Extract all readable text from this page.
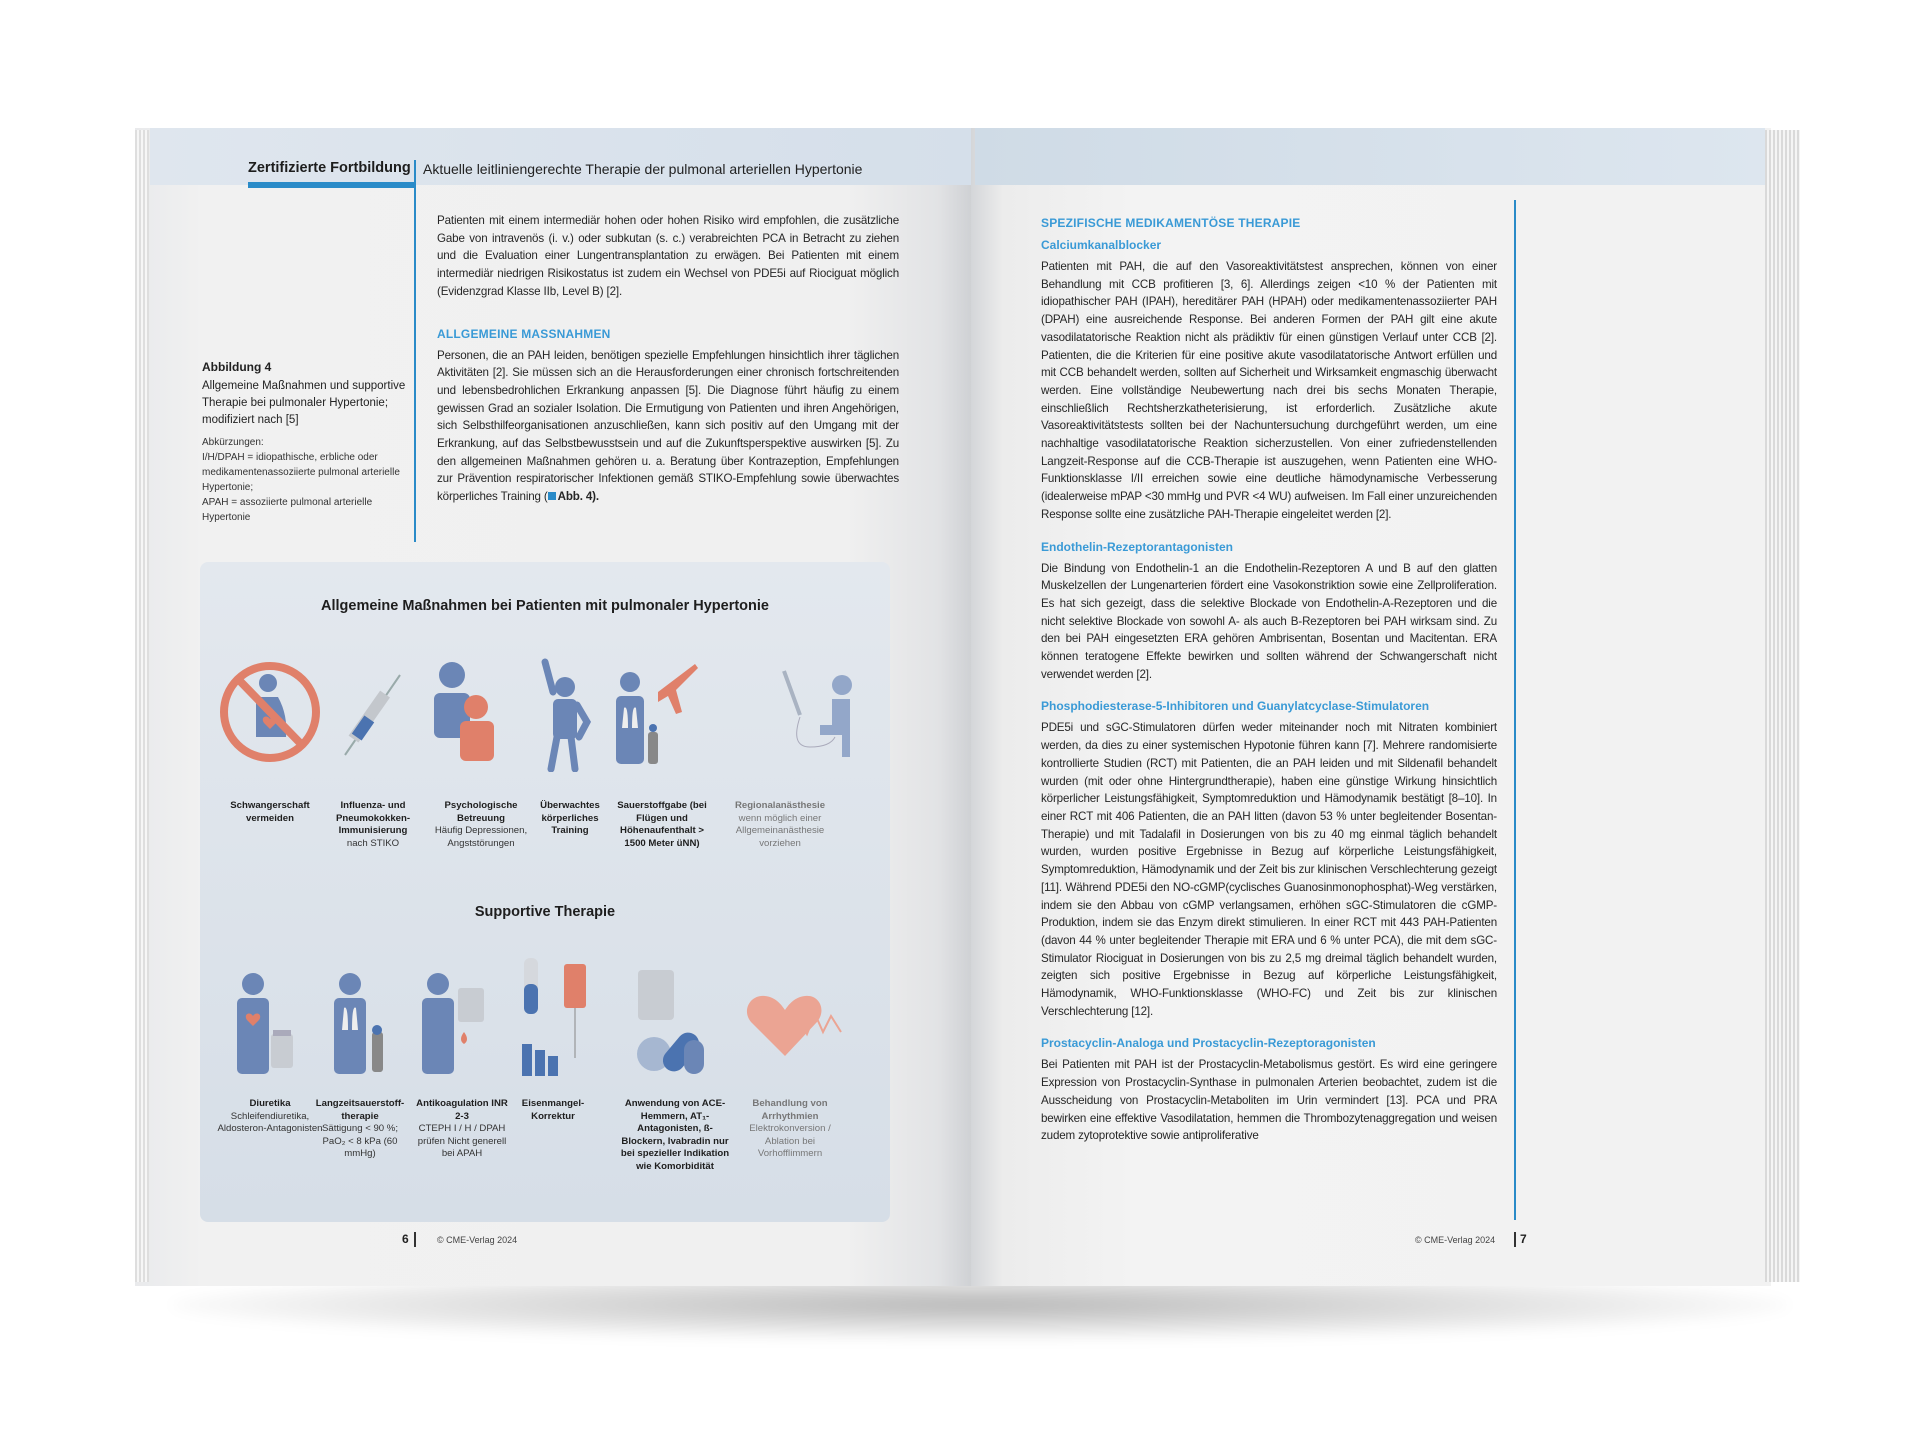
Zertifizierte Fortbildung Aktuelle leitliniengerechte Therapie der pulmonal arteriellen Hypertonie

Patienten mit einem intermediär hohen oder hohen Risiko wird empfohlen, die zusätzliche Gabe von intravenös (i. v.) oder subkutan (s. c.) verabreichten PCA in Betracht zu ziehen und die Evaluation einer Lungentransplantation zu erwägen. Bei Patienten mit einem intermediär niedrigen Risikostatus ist zudem ein Wechsel von PDE5i auf Riociguat möglich (Evidenzgrad Klasse IIb, Level B) [2].

ALLGEMEINE MASSNAHMEN

Personen, die an PAH leiden, benötigen spezielle Empfehlungen hinsichtlich ihrer täglichen Aktivitäten [2]. Sie müssen sich an die Herausforderungen einer chronisch fortschreitenden und lebensbedrohlichen Erkrankung anpassen [5]. Die Diagnose führt häufig zu einem gewissen Grad an sozialer Isolation. Die Ermutigung von Patienten und ihren Angehörigen, sich Selbsthilfeorganisationen anzuschließen, kann sich positiv auf den Umgang mit der Erkrankung, auf das Selbstbewusstsein und auf die Zukunftsperspektive auswirken [5]. Zu den allgemeinen Maßnahmen gehören u. a. Beratung über Kontrazeption, Empfehlungen zur Prävention respiratorischer Infektionen gemäß STIKO-Empfehlung sowie überwachtes körperliches Training ( Abb. 4).

Abbildung 4
Allgemeine Maßnahmen und supportive Therapie bei pulmonaler Hypertonie; modifiziert nach [5]
Abkürzungen:
I/H/DPAH = idiopathische, erbliche oder medikamentenassoziierte pulmonal arterielle Hypertonie;
APAH = assoziierte pulmonal arterielle Hypertonie
Allgemeine Maßnahmen bei Patienten mit pulmonaler Hypertonie
Schwangerschaft vermeiden
Influenza- und Pneumokokken-Immunisierung
nach STIKO
Psychologische Betreuung
Häufig Depressionen, Angststörungen
Überwachtes körperliches Training
Sauerstoffgabe (bei Flügen und Höhenaufenthalt > 1500 Meter üNN)
Regionalanästhesie
wenn möglich einer Allgemeinanästhesie vorziehen
Supportive Therapie
Diuretika
Schleifendiuretika, Aldosteron-Antagonisten
Langzeitsauerstoff-therapie
Sättigung < 90 %; PaO₂ < 8 kPa (60 mmHg)
Antikoagulation INR 2-3
CTEPH I / H / DPAH prüfen Nicht generell bei APAH
Eisenmangel-Korrektur
Anwendung von ACE-Hemmern, AT₁-Antagonisten, ß-Blockern, Ivabradin nur bei spezieller Indikation wie Komorbidität
Behandlung von Arrhythmien
Elektrokonversion / Ablation bei Vorhofflimmern
6	© CME-Verlag 2024
SPEZIFISCHE MEDIKAMENTÖSE THERAPIE
Calciumkanalblocker

Patienten mit PAH, die auf den Vasoreaktivitätstest ansprechen, können von einer Behandlung mit CCB profitieren [3, 6]. Allerdings zeigen <10 % der Patienten mit idiopathischer PAH (IPAH), hereditärer PAH (HPAH) oder medikamentenassoziierter PAH (DPAH) eine ausreichende Response. Bei anderen Formen der PAH gilt eine akute vasodilatatorische Reaktion nicht als prädiktiv für einen günstigen Verlauf unter CCB [2]. Patienten, die die Kriterien für eine positive akute vasodilatatorische Antwort erfüllen und mit CCB behandelt werden, sollten auf Sicherheit und Wirksamkeit engmaschig überwacht werden. Eine vollständige Neubewertung nach drei bis sechs Monaten Therapie, einschließlich Rechtsherzkatheterisierung, ist erforderlich. Zusätzliche akute Vasoreaktivitätstests sollten bei der Nachuntersuchung durchgeführt werden, um eine nachhaltige vasodilatatorische Reaktion sicherzustellen. Von einer zufriedenstellenden Langzeit-Response auf die CCB-Therapie ist auszugehen, wenn Patienten eine WHO-Funktionsklasse I/II erreichen sowie eine deutliche hämodynamische Verbesserung (idealerweise mPAP <30 mmHg und PVR <4 WU) aufweisen. Im Fall einer unzureichenden Response sollte eine zusätzliche PAH-Therapie eingeleitet werden [2].

Endothelin-Rezeptorantagonisten

Die Bindung von Endothelin-1 an die Endothelin-Rezeptoren A und B auf den glatten Muskelzellen der Lungenarterien fördert eine Vasokonstriktion sowie eine Zellproliferation. Es hat sich gezeigt, dass die selektive Blockade von Endothelin-A-Rezeptoren und die nicht selektive Blockade von sowohl A- als auch B-Rezeptoren bei PAH wirksam sind. Zu den bei PAH eingesetzten ERA gehören Ambrisentan, Bosentan und Macitentan. ERA können teratogene Effekte bewirken und sollten während der Schwangerschaft nicht verwendet werden [2].

Phosphodiesterase-5-Inhibitoren und Guanylatcyclase-Stimulatoren

PDE5i und sGC-Stimulatoren dürfen weder miteinander noch mit Nitraten kombiniert werden, da dies zu einer systemischen Hypotonie führen kann [7]. Mehrere randomisierte kontrollierte Studien (RCT) mit Patienten, die an PAH leiden und mit Sildenafil behandelt wurden (mit oder ohne Hintergrundtherapie), haben eine günstige Wirkung hinsichtlich körperlicher Leistungsfähigkeit, Symptomreduktion und Hämodynamik bestätigt [8–10]. In einer RCT mit 406 Patienten, die an PAH litten (davon 53 % unter begleitender Bosentan-Therapie) und mit Tadalafil in Dosierungen von bis zu 40 mg einmal täglich behandelt wurden, wurden positive Ergebnisse in Bezug auf körperliche Leistungsfähigkeit, Symptomreduktion, Hämodynamik und der Zeit bis zur klinischen Verschlechterung gezeigt [11]. Während PDE5i den NO-cGMP(cyclisches Guanosinmonophosphat)-Weg verstärken, indem sie den Abbau von cGMP verlangsamen, erhöhen sGC-Stimulatoren die cGMP-Produktion, indem sie das Enzym direkt stimulieren. In einer RCT mit 443 PAH-Patienten (davon 44 % unter begleitender Therapie mit ERA und 6 % unter PCA), die mit dem sGC-Stimulator Riociguat in Dosierungen von bis zu 2,5 mg dreimal täglich behandelt wurden, zeigten sich positive Ergebnisse in Bezug auf körperliche Leistungsfähigkeit, Hämodynamik, WHO-Funktionsklasse (WHO-FC) und Zeit bis zur klinischen Verschlechterung [12].

Prostacyclin-Analoga und Prostacyclin-Rezeptoragonisten

Bei Patienten mit PAH ist der Prostacyclin-Metabolismus gestört. Es wird eine geringere Expression von Prostacyclin-Synthase in pulmonalen Arterien beobachtet, zudem ist die Ausscheidung von Prostacyclin-Metaboliten im Urin vermindert [13]. PCA und PRA bewirken eine effektive Vasodilatation, hemmen die Thrombozytenaggregation und weisen zudem zytoprotektive sowie antiproliferative

© CME-Verlag 2024 7
